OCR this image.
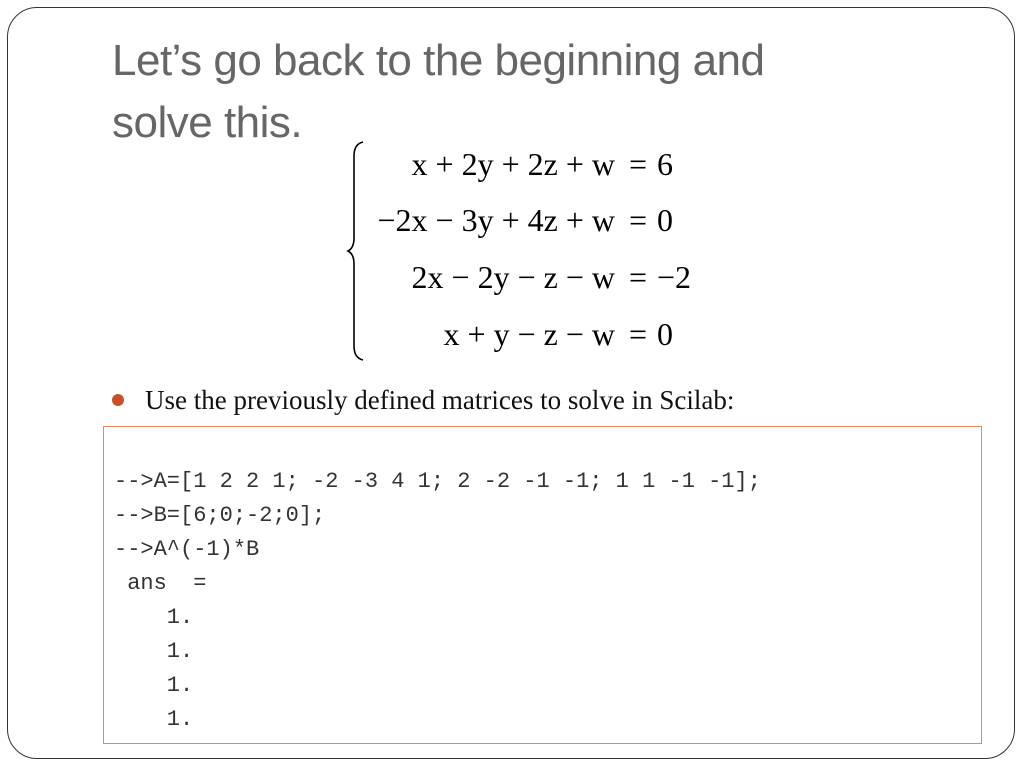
Let’s go back to the beginning and
solve this.
x + 2y + 2z + w = 6
−2x − 3y + 4z + w = 0
2x − 2y − z − w = −2
x + y − z − w = 0
Use the previously defined matrices to solve in Scilab:
-->A=[1 2 2 1; -2 -3 4 1; 2 -2 -1 -1; 1 1 -1 -1];
-->B=[6;0;-2;0];
-->A^(-1)*B
ans  =
1.
1.
1.
1.
